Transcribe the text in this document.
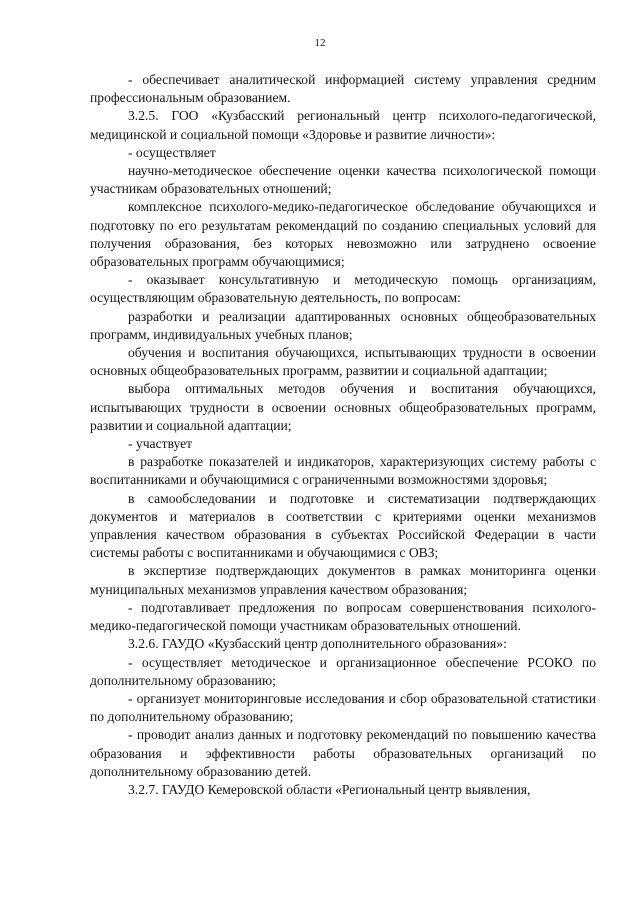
12

- обеспечивает аналитической информацией систему управления средним профессиональным образованием.

3.2.5. ГОО «Кузбасский региональный центр психолого-педагогической, медицинской и социальной помощи «Здоровье и развитие личности»:

- осуществляет

научно-методическое обеспечение оценки качества психологической помощи участникам образовательных отношений;

комплексное психолого-медико-педагогическое обследование обучающихся и подготовку по его результатам рекомендаций по созданию специальных условий для получения образования, без которых невозможно или затруднено освоение образовательных программ обучающимися;

- оказывает консультативную и методическую помощь организациям, осуществляющим образовательную деятельность, по вопросам:

разработки и реализации адаптированных основных общеобразовательных программ, индивидуальных учебных планов;

обучения и воспитания обучающихся, испытывающих трудности в освоении основных общеобразовательных программ, развитии и социальной адаптации;

выбора оптимальных методов обучения и воспитания обучающихся, испытывающих трудности в освоении основных общеобразовательных программ, развитии и социальной адаптации;

- участвует

в разработке показателей и индикаторов, характеризующих систему работы с воспитанниками и обучающимися с ограниченными возможностями здоровья;

в самообследовании и подготовке и систематизации подтверждающих документов и материалов в соответствии с критериями оценки механизмов управления качеством образования в субъектах Российской Федерации в части системы работы с воспитанниками и обучающимися с ОВЗ;

в экспертизе подтверждающих документов в рамках мониторинга оценки муниципальных механизмов управления качеством образования;

- подготавливает предложения по вопросам совершенствования психолого-медико-педагогической помощи участникам образовательных отношений.

3.2.6. ГАУДО «Кузбасский центр дополнительного образования»:

- осуществляет методическое и организационное обеспечение РСОКО по дополнительному образованию;

- организует мониторинговые исследования и сбор образовательной статистики по дополнительному образованию;

- проводит анализ данных и подготовку рекомендаций по повышению качества образования и эффективности работы образовательных организаций по дополнительному образованию детей.

3.2.7. ГАУДО Кемеровской области «Региональный центр выявления,
